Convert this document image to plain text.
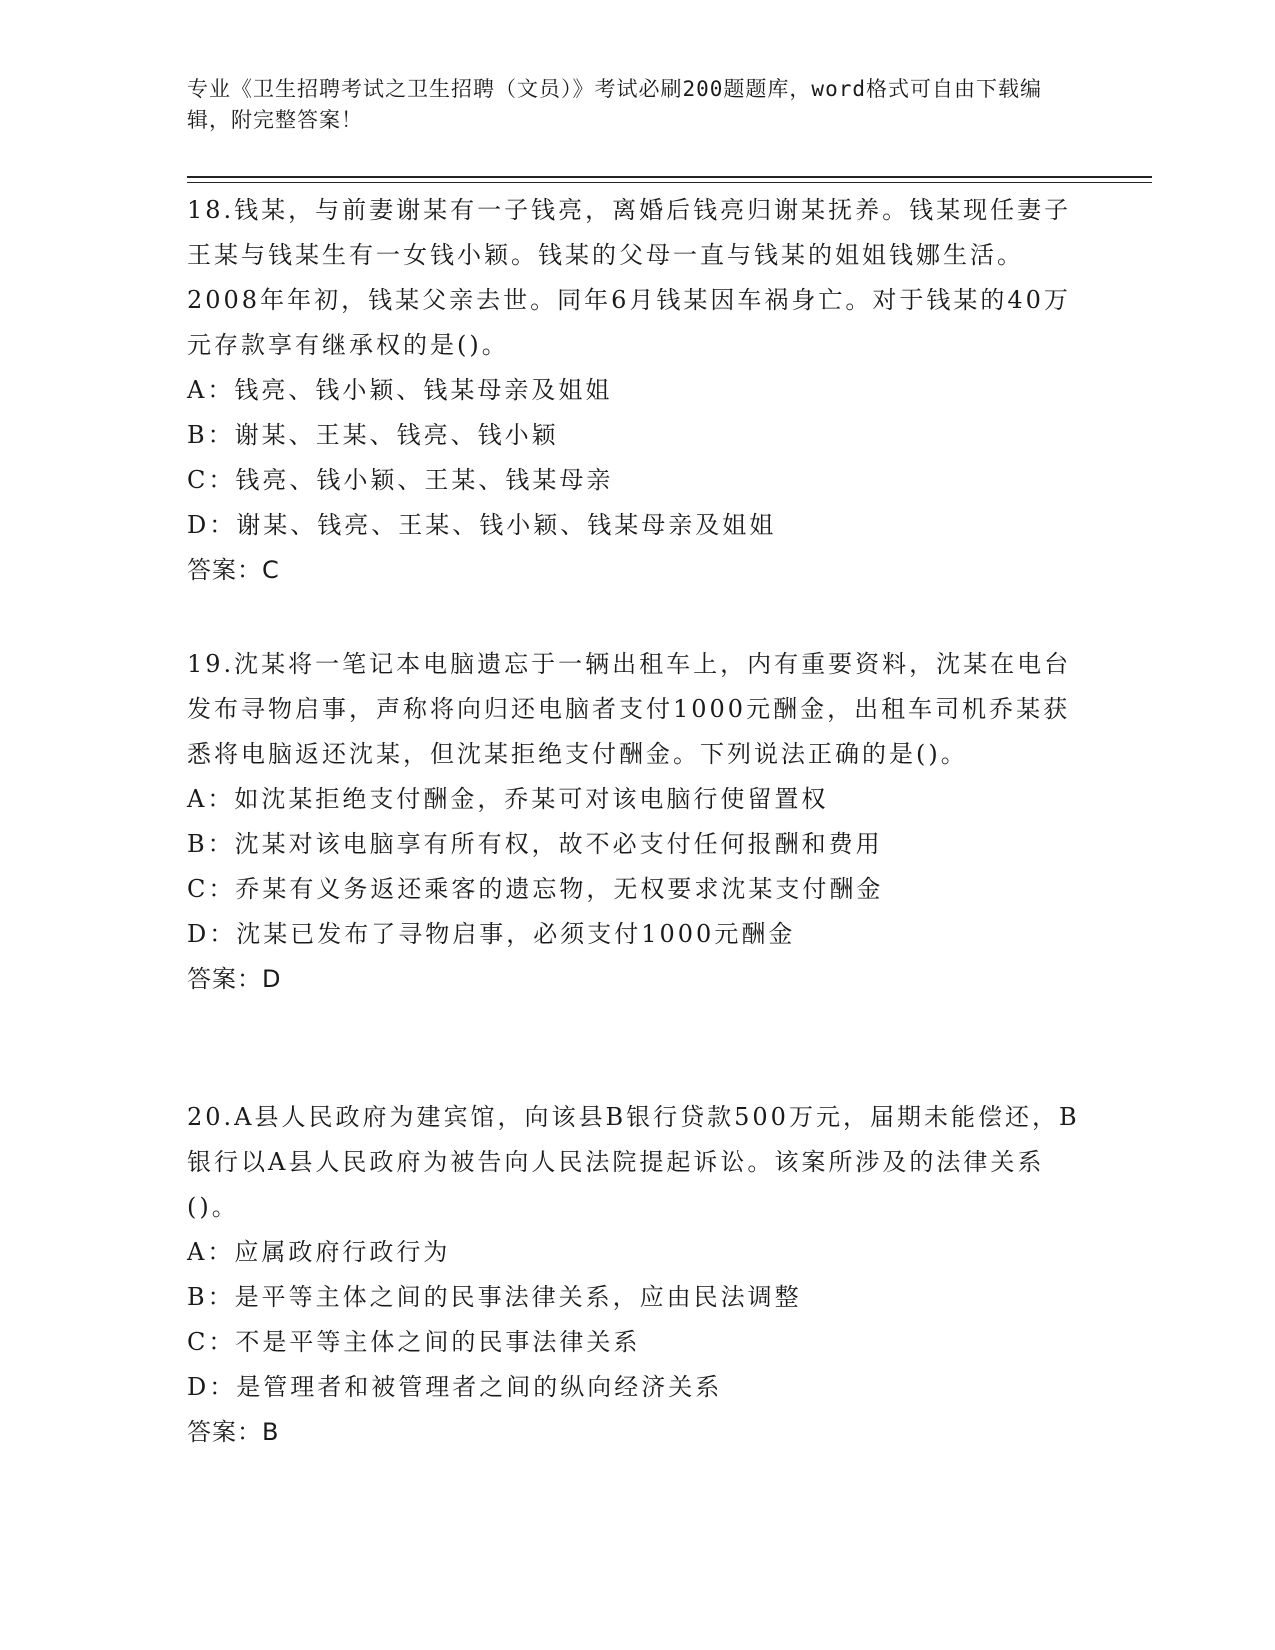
专业《卫生招聘考试之卫生招聘（文员）》考试必刷200题题库，word格式可自由下载编辑，附完整答案！

18.钱某，与前妻谢某有一子钱亮，离婚后钱亮归谢某抚养。钱某现任妻子王某与钱某生有一女钱小颖。钱某的父母一直与钱某的姐姐钱娜生活。2008年年初，钱某父亲去世。同年6月钱某因车祸身亡。对于钱某的40万元存款享有继承权的是()。

A：钱亮、钱小颖、钱某母亲及姐姐

B：谢某、王某、钱亮、钱小颖

C：钱亮、钱小颖、王某、钱某母亲

D：谢某、钱亮、王某、钱小颖、钱某母亲及姐姐

答案：C

19.沈某将一笔记本电脑遗忘于一辆出租车上，内有重要资料，沈某在电台发布寻物启事，声称将向归还电脑者支付1000元酬金，出租车司机乔某获悉将电脑返还沈某，但沈某拒绝支付酬金。下列说法正确的是()。

A：如沈某拒绝支付酬金，乔某可对该电脑行使留置权

B：沈某对该电脑享有所有权，故不必支付任何报酬和费用

C：乔某有义务返还乘客的遗忘物，无权要求沈某支付酬金

D：沈某已发布了寻物启事，必须支付1000元酬金

答案：D

20.A县人民政府为建宾馆，向该县B银行贷款500万元，届期未能偿还，B银行以A县人民政府为被告向人民法院提起诉讼。该案所涉及的法律关系()。

A：应属政府行政行为

B：是平等主体之间的民事法律关系，应由民法调整

C：不是平等主体之间的民事法律关系

D：是管理者和被管理者之间的纵向经济关系

答案：B
